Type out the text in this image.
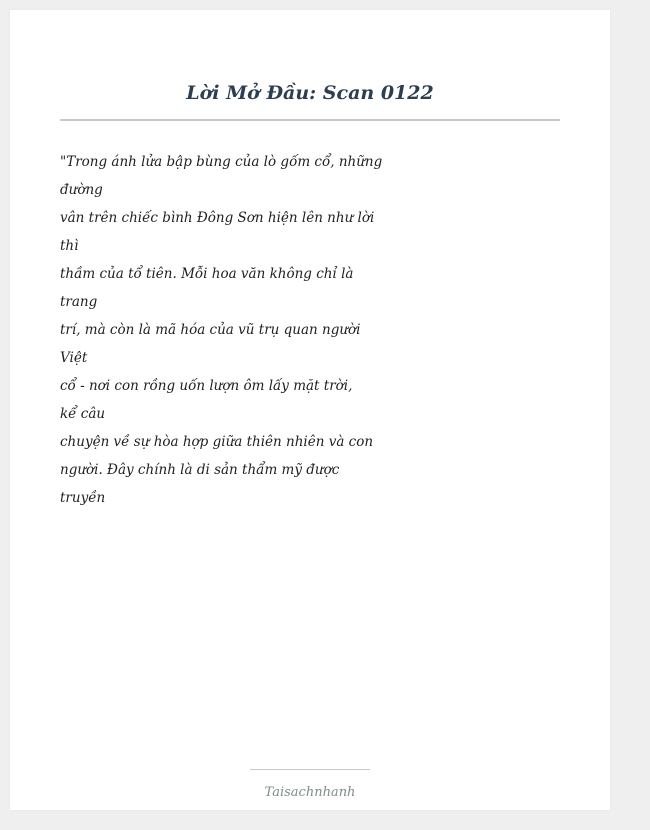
Lời Mở Đầu: Scan 0122
"Trong ánh lửa bập bùng của lò gốm cổ, những
đường
vân trên chiếc bình Đông Sơn hiện lên như lời
thì
thầm của tổ tiên. Mỗi hoa văn không chỉ là
trang
trí, mà còn là mã hóa của vũ trụ quan người
Việt
cổ - nơi con rồng uốn lượn ôm lấy mặt trời,
kể câu
chuyện về sự hòa hợp giữa thiên nhiên và con
người. Đây chính là di sản thẩm mỹ được
truyền
Taisachnhanh
